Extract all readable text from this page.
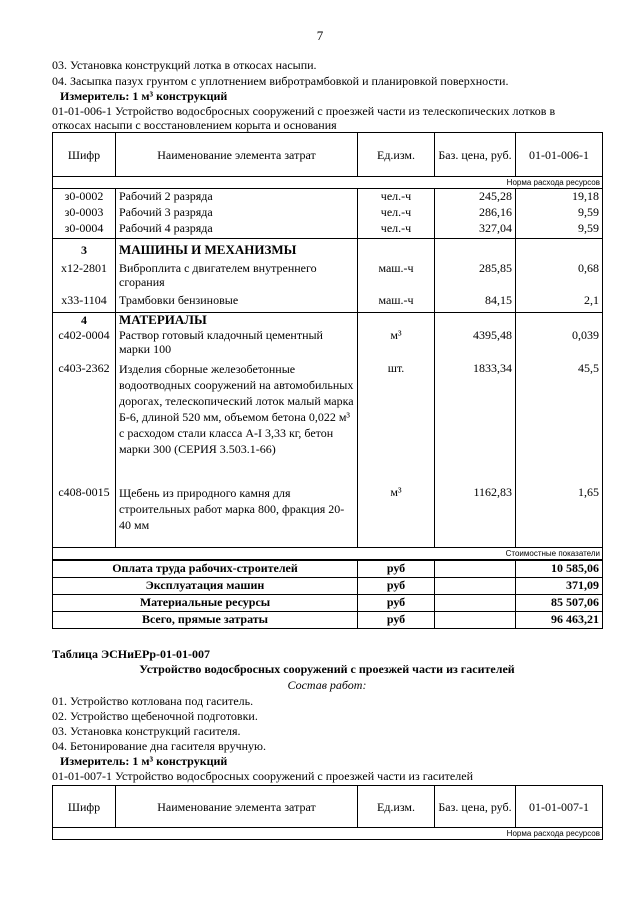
7
03. Установка конструкций лотка в откосах насыпи.
04. Засыпка пазух грунтом с уплотнением вибротрамбовкой и планировкой поверхности.
Измеритель: 1 м³ конструкций
01-01-006-1 Устройство водосбросных сооружений с проезжей части из телескопических лотков в
откосах насыпи с восстановлением корыта и основания
Шифр	Наименование элемента затрат	Ед.изм.	Баз. цена, руб.	01-01-006-1
Норма расхода ресурсов				
з0-0002	Рабочий 2 разряда	чел.-ч	245,28	19,18
з0-0003	Рабочий 3 разряда	чел.-ч	286,16	9,59
з0-0004	Рабочий 4 разряда	чел.-ч	327,04	9,59
3	МАШИНЫ И МЕХАНИЗМЫ			
х12-2801	Виброплита с двигателем внутреннего сгорания	маш.-ч	285,85	0,68
х33-1104	Трамбовки бензиновые	маш.-ч	84,15	2,1
4	МАТЕРИАЛЫ			
с402-0004	Раствор готовый кладочный цементный марки 100	м³	4395,48	0,039
с403-2362	Изделия сборные железобетонные водоотводных сооружений на автомобильных дорогах, телескопический лоток малый марка Б-6, длиной 520 мм, объемом бетона 0,022 м³ с расходом стали класса А-I 3,33 кг, бетон марки 300 (СЕРИЯ 3.503.1-66)	шт.	1833,34	45,5
с408-0015	Щебень из природного камня для строительных работ марка 800, фракция 20-40 мм	м³	1162,83	1,65
Стоимостные показатели				
Оплата труда рабочих-строителей		руб		10 585,06
Эксплуатация машин		руб		371,09
Материальные ресурсы		руб		85 507,06
Всего, прямые затраты		руб		96 463,21
Таблица ЭСНиЕРр-01-01-007
Устройство водосбросных сооружений с проезжей части из гасителей
Состав работ:
01. Устройство котлована под гаситель.
02. Устройство щебеночной подготовки.
03. Установка конструкций гасителя.
04. Бетонирование дна гасителя вручную.
Измеритель: 1 м³ конструкций
01-01-007-1 Устройство водосбросных сооружений с проезжей части из гасителей
Шифр	Наименование элемента затрат	Ед.изм.	Баз. цена, руб.	01-01-007-1
Норма расхода ресурсов
